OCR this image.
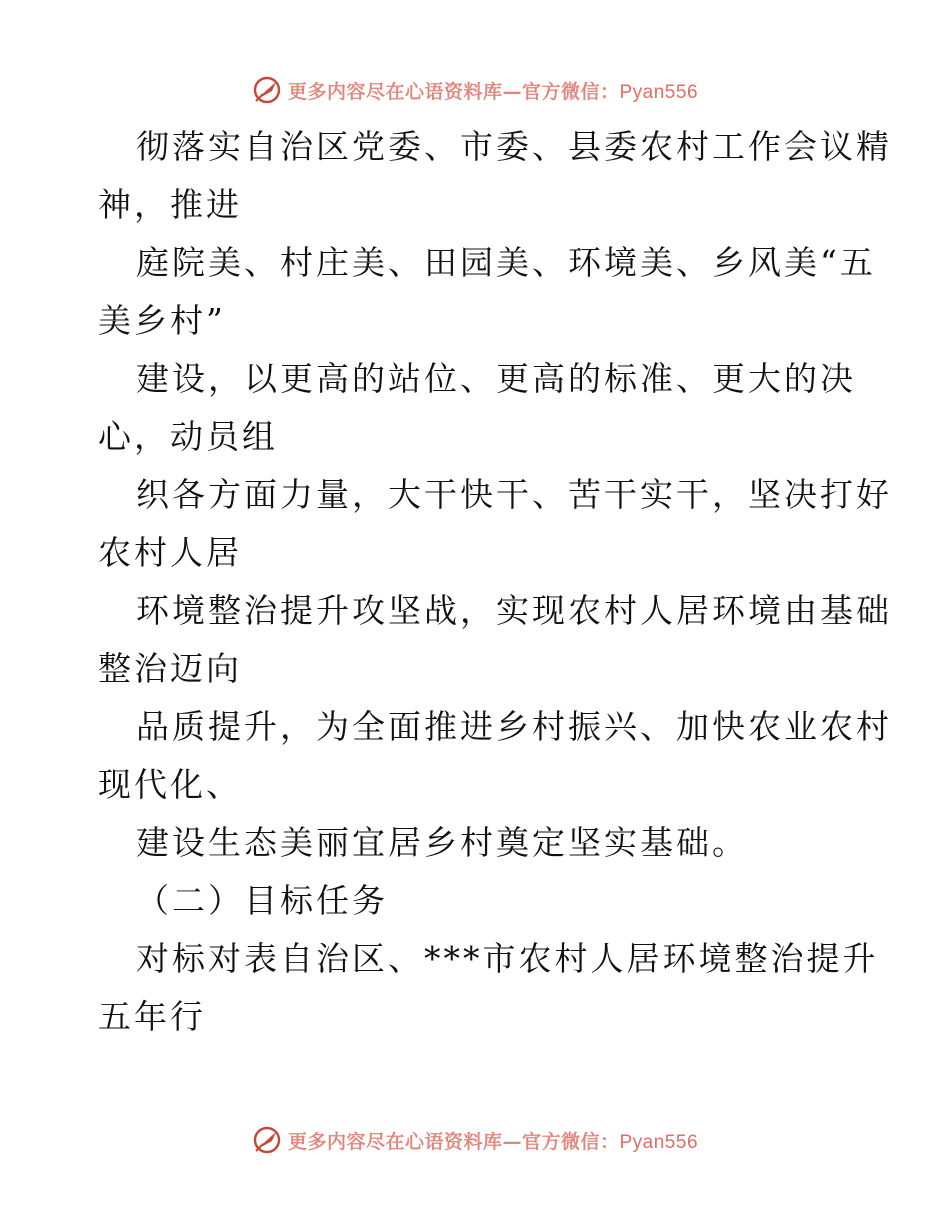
更多内容尽在心语资料库—官方微信：Pyan556
彻落实自治区党委、市委、县委农村工作会议精
神，推进
庭院美、村庄美、田园美、环境美、乡风美“五
美乡村”
建设，以更高的站位、更高的标准、更大的决
心，动员组
织各方面力量，大干快干、苦干实干，坚决打好
农村人居
环境整治提升攻坚战，实现农村人居环境由基础
整治迈向
品质提升，为全面推进乡村振兴、加快农业农村
现代化、
建设生态美丽宜居乡村奠定坚实基础。
（二）目标任务
对标对表自治区、***市农村人居环境整治提升
五年行
更多内容尽在心语资料库—官方微信：Pyan556
